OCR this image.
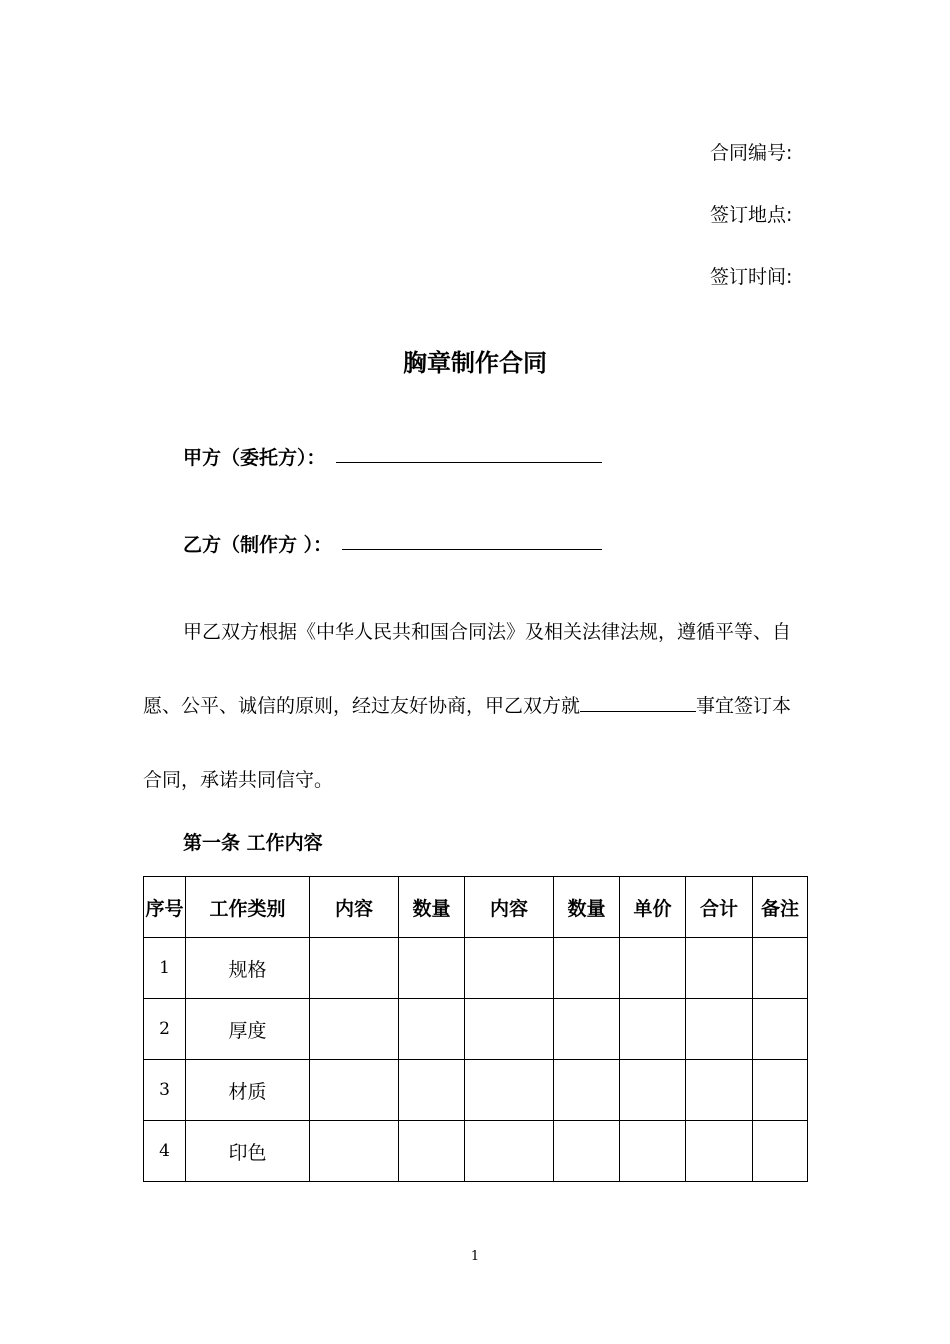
合同编号:
签订地点:
签订时间:
胸章制作合同
甲方（委托方）：
乙方（制作方 ）：
甲乙双方根据《中华人民共和国合同法》及相关法律法规，遵循平等、自
愿、公平、诚信的原则，经过友好协商，甲乙双方就	事宜签订本
合同，承诺共同信守。
第一条 工作内容
序号	工作类别	内容	数量	内容	数量	单价	合计	备注
1	规格							
2	厚度							
3	材质							
4	印色							
1
